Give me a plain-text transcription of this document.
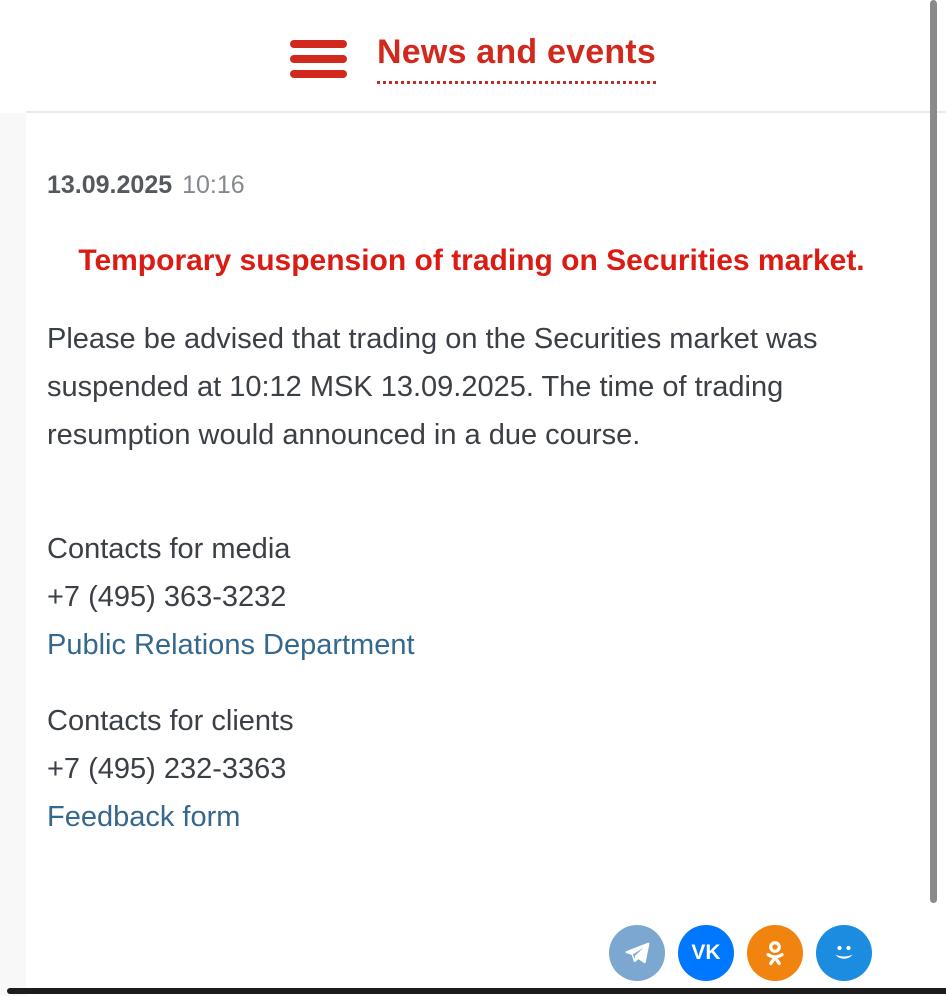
News and events
13.09.2025 10:16
Temporary suspension of trading on Securities market.

Please be advised that trading on the Securities market was suspended at 10:12 MSK 13.09.2025. The time of trading resumption would announced in a due course.

Contacts for media
+7 (495) 363-3232
Public Relations Department
Contacts for clients
+7 (495) 232-3363
Feedback form
VK
